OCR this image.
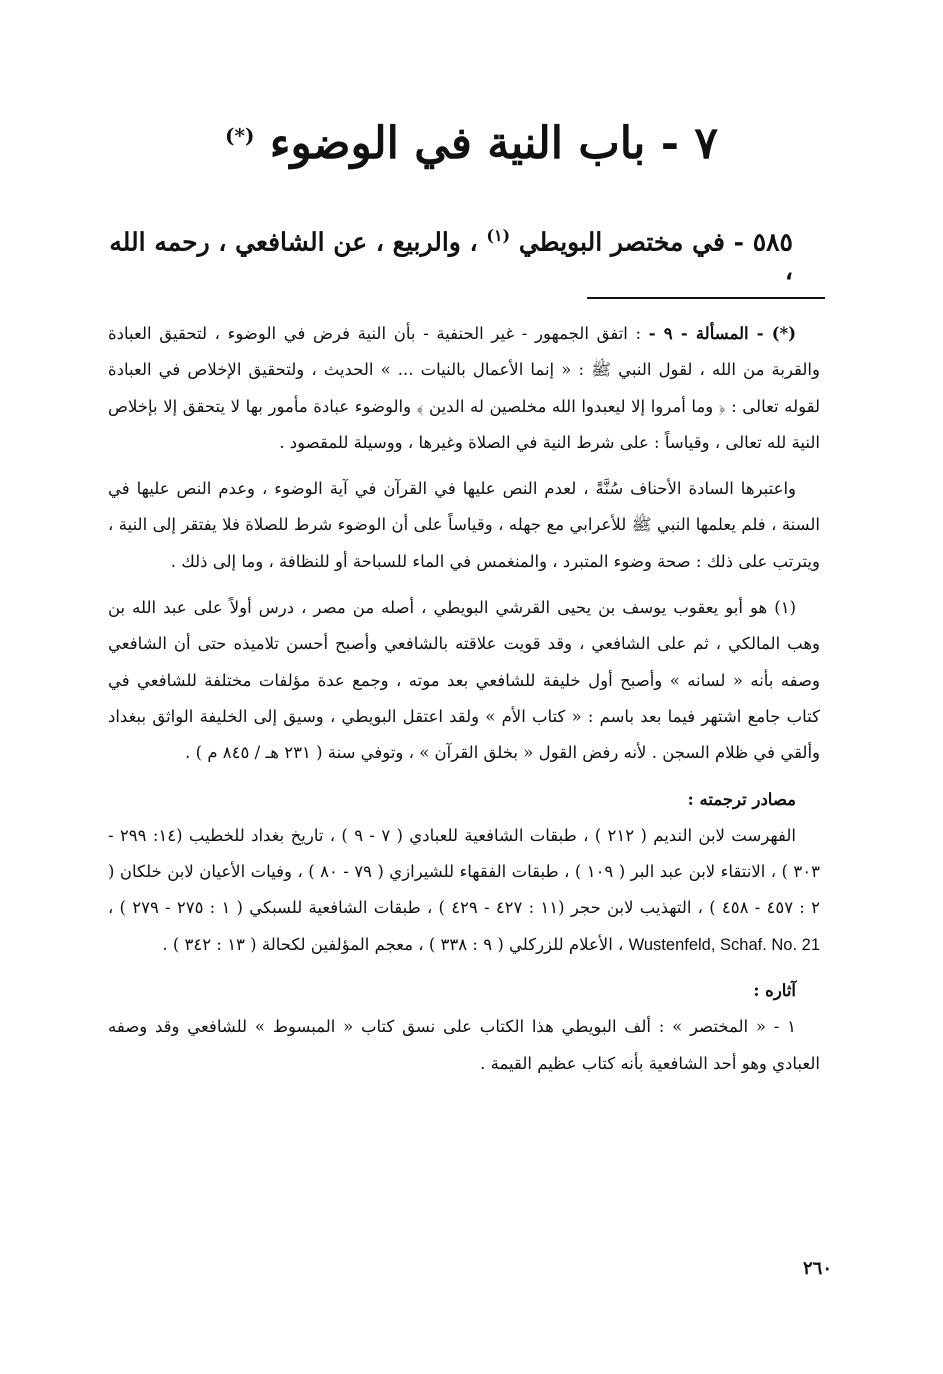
٧ - باب النية في الوضوء (*)
٥٨٥ - في مختصر البويطي $^{(١)}$ ، والربيع ، عن الشافعي ، رحمه الله ،

(*) - المسألة - ٩ - : اتفق الجمهور - غير الحنفية - بأن النية فرض في الوضوء ، لتحقيق العبادة والقربة من الله ، لقول النبي ﷺ : « إنما الأعمال بالنيات ... » الحديث ، ولتحقيق الإخلاص في العبادة لقوله تعالى : ﴿ وما أمروا إلا ليعبدوا الله مخلصين له الدين ﴾ والوضوء عبادة مأمور بها لا يتحقق إلا بإخلاص النية لله تعالى ، وقياساً : على شرط النية في الصلاة وغيرها ، ووسيلة للمقصود .

واعتبرها السادة الأحناف سُنَّةً ، لعدم النص عليها في القرآن في آية الوضوء ، وعدم النص عليها في السنة ، فلم يعلمها النبي ﷺ للأعرابي مع جهله ، وقياساً على أن الوضوء شرط للصلاة فلا يفتقر إلى النية ، ويترتب على ذلك : صحة وضوء المتبرد ، والمنغمس في الماء للسباحة أو للنظافة ، وما إلى ذلك .

(١) هو أبو يعقوب يوسف بن يحيى القرشي البويطي ، أصله من مصر ، درس أولاً على عبد الله بن وهب المالكي ، ثم على الشافعي ، وقد قويت علاقته بالشافعي وأصبح أحسن تلاميذه حتى أن الشافعي وصفه بأنه « لسانه » وأصبح أول خليفة للشافعي بعد موته ، وجمع عدة مؤلفات مختلفة للشافعي في كتاب جامع اشتهر فيما بعد باسم : « كتاب الأم » ولقد اعتقل البويطي ، وسيق إلى الخليفة الواثق ببغداد وألقي في ظلام السجن . لأنه رفض القول « بخلق القرآن » ، وتوفي سنة ( ٢٣١ هـ / ٨٤٥ م ) .

مصادر ترجمته :

الفهرست لابن النديم ( ٢١٢ ) ، طبقات الشافعية للعبادي ( ٧ - ٩ ) ، تاريخ بغداد للخطيب (١٤: ٢٩٩ - ٣٠٣ ) ، الانتقاء لابن عبد البر ( ١٠٩ ) ، طبقات الفقهاء للشيرازي ( ٧٩ - ٨٠ ) ، وفيات الأعيان لابن خلكان ( ٢ : ٤٥٧ - ٤٥٨ ) ، التهذيب لابن حجر (١١ : ٤٢٧ - ٤٢٩ ) ، طبقات الشافعية للسبكي ( ١ : ٢٧٥ - ٢٧٩ ) ، Wustenfeld, Schaf. No. 21 ، الأعلام للزركلي ( ٩ : ٣٣٨ ) ، معجم المؤلفين لكحالة ( ١٣ : ٣٤٢ ) .

آثاره :

١ - « المختصر » : ألف البويطي هذا الكتاب على نسق كتاب « المبسوط » للشافعي وقد وصفه العبادي وهو أحد الشافعية بأنه كتاب عظيم القيمة .

٢٦٠
